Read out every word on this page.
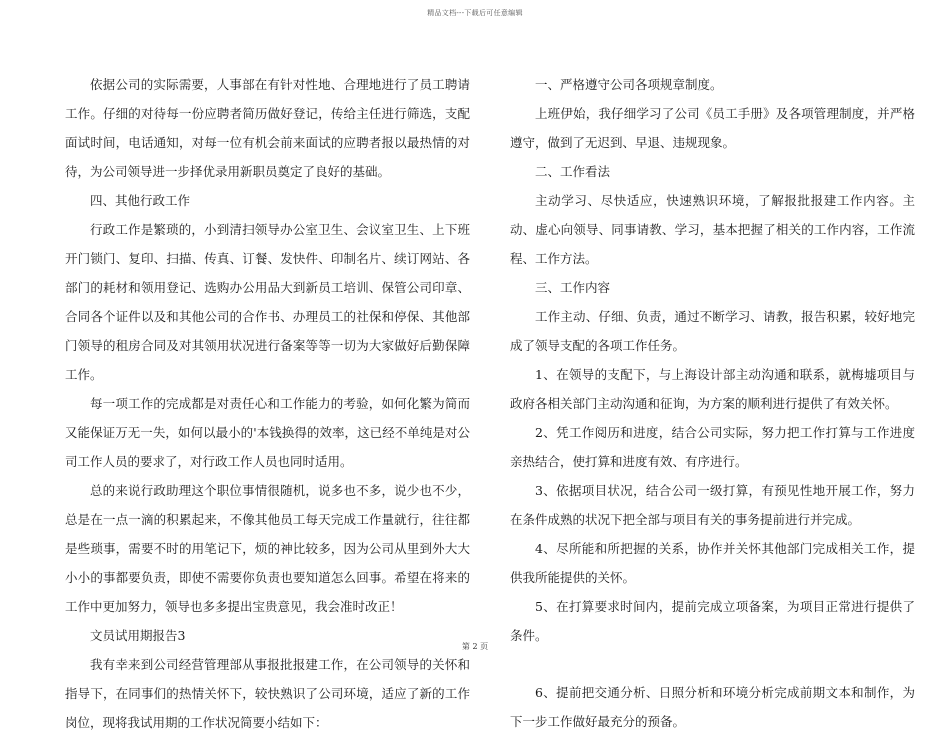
精品文档---下载后可任意编辑

依据公司的实际需要，人事部在有针对性地、合理地进行了员工聘请工作。仔细的对待每一份应聘者简历做好登记，传给主任进行筛选，支配面试时间，电话通知，对每一位有机会前来面试的应聘者报以最热情的对待，为公司领导进一步择优录用新职员奠定了良好的基础。

四、其他行政工作

行政工作是繁琐的，小到清扫领导办公室卫生、会议室卫生、上下班开门锁门、复印、扫描、传真、订餐、发快件、印制名片、续订网站、各部门的耗材和领用登记、选购办公用品大到新员工培训、保管公司印章、合同各个证件以及和其他公司的合作书、办理员工的社保和停保、其他部门领导的租房合同及对其领用状况进行备案等等一切为大家做好后勤保障工作。

每一项工作的完成都是对责任心和工作能力的考验，如何化繁为简而又能保证万无一失，如何以最小的'本钱换得的效率，这已经不单纯是对公司工作人员的要求了，对行政工作人员也同时适用。

总的来说行政助理这个职位事情很随机，说多也不多，说少也不少，总是在一点一滴的积累起来，不像其他员工每天完成工作量就行，往往都是些琐事，需要不时的用笔记下，烦的神比较多，因为公司从里到外大大小小的事都要负责，即使不需要你负责也要知道怎么回事。希望在将来的工作中更加努力，领导也多多提出宝贵意见，我会准时改正！

文员试用期报告3

我有幸来到公司经营管理部从事报批报建工作，在公司领导的关怀和指导下，在同事们的热情关怀下，较快熟识了公司环境，适应了新的工作岗位，现将我试用期的工作状况简要小结如下：

一、严格遵守公司各项规章制度。

上班伊始，我仔细学习了公司《员工手册》及各项管理制度，并严格遵守，做到了无迟到、早退、违规现象。

二、工作看法

主动学习、尽快适应，快速熟识环境，了解报批报建工作内容。主动、虚心向领导、同事请教、学习，基本把握了相关的工作内容，工作流程、工作方法。

三、工作内容

工作主动、仔细、负责，通过不断学习、请教，报告积累，较好地完成了领导支配的各项工作任务。

1、在领导的支配下，与上海设计部主动沟通和联系，就梅墟项目与政府各相关部门主动沟通和征询，为方案的顺利进行提供了有效关怀。

2、凭工作阅历和进度，结合公司实际，努力把工作打算与工作进度亲热结合，使打算和进度有效、有序进行。

3、依据项目状况，结合公司一级打算，有预见性地开展工作，努力在条件成熟的状况下把全部与项目有关的事务提前进行并完成。

4、尽所能和所把握的关系，协作并关怀其他部门完成相关工作，提供我所能提供的关怀。

5、在打算要求时间内，提前完成立项备案，为项目正常进行提供了条件。

6、提前把交通分析、日照分析和环境分析完成前期文本和制作，为下一步工作做好最充分的预备。

第 2 页
